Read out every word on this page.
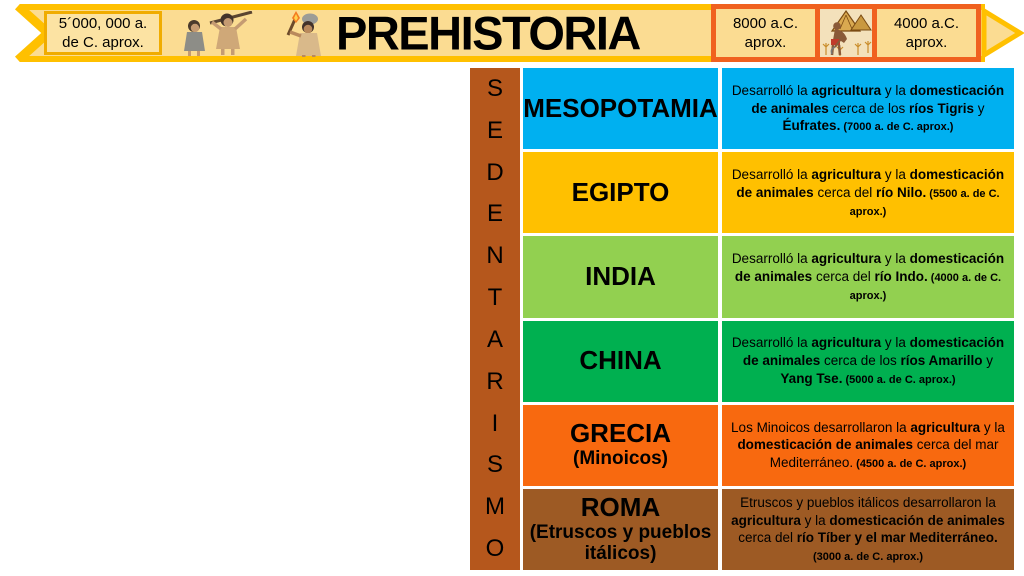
5´000, 000 a.
de C. aprox.	PREHISTORIA	8000 a.C.
aprox.
4000 a.C.
aprox.
S
E
D
E
N
T
A
R
I
S
M
O
MESOPOTAMIA
Desarrolló la agricultura y la domesticación de animales cerca de los ríos Tigris y Éufrates. (7000 a. de C. aprox.)
EGIPTO
Desarrolló la agricultura y la domesticación de animales cerca del río Nilo. (5500 a. de C. aprox.)
INDIA
Desarrolló la agricultura y la domesticación de animales cerca del río Indo. (4000 a. de C. aprox.)
CHINA
Desarrolló la agricultura y la domesticación de animales cerca de los ríos Amarillo y Yang Tse. (5000 a. de C. aprox.)
GRECIA
(Minoicos)
Los Minoicos desarrollaron la agricultura y la domesticación de animales cerca del mar Mediterráneo. (4500 a. de C. aprox.)
ROMA
(Etruscos y pueblos itálicos)
Etruscos y pueblos itálicos desarrollaron la agricultura y la domesticación de animales cerca del río Tíber y el mar Mediterráneo. (3000 a. de C. aprox.)
